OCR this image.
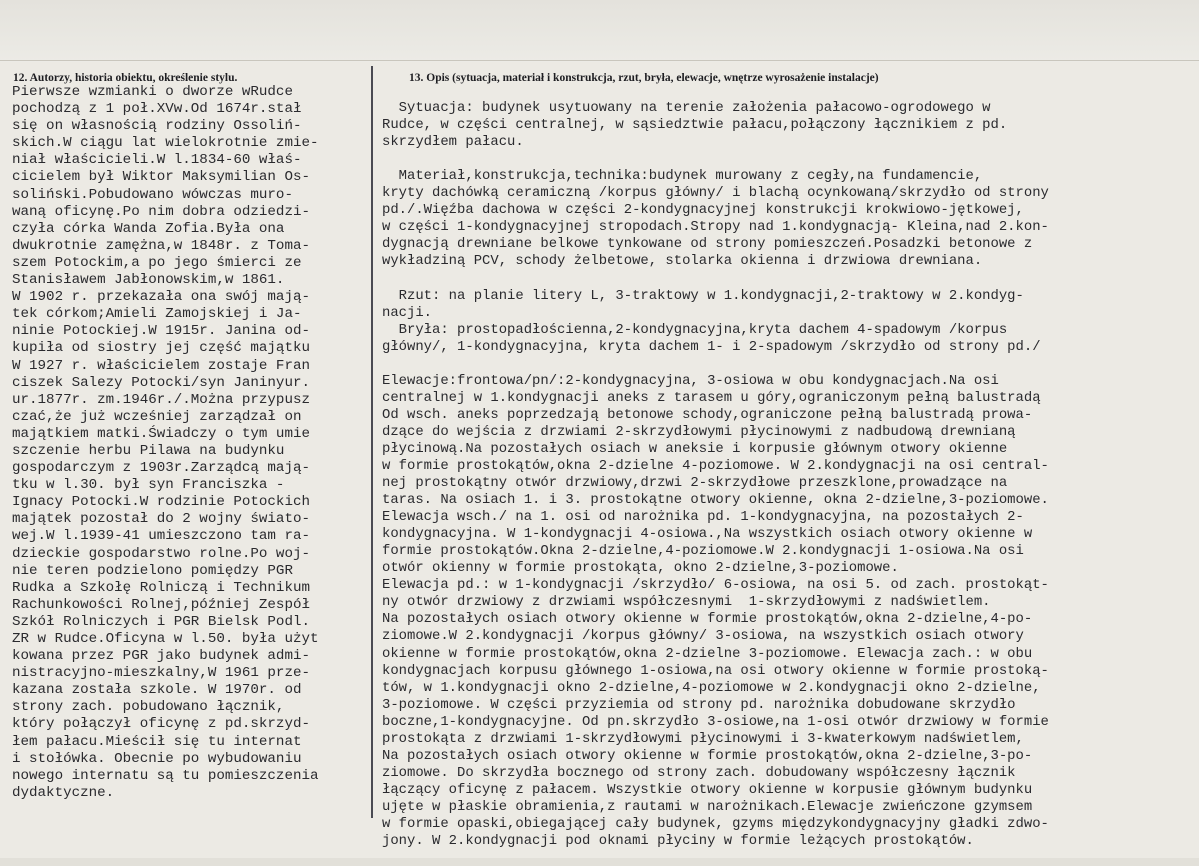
12. Autorzy, historia obiektu, określenie stylu.	13. Opis (sytuacja, materiał i konstrukcja, rzut, bryła, elewacje, wnętrze wyrosażenie instalacje)
Pierwsze wzmianki o dworze wRudce
pochodzą z 1 poł.XVw.Od 1674r.stał
się on własnością rodziny Ossoliń-
skich.W ciągu lat wielokrotnie zmie-
niał właścicieli.W l.1834-60 właś-
cicielem był Wiktor Maksymilian Os-
soliński.Pobudowano wówczas muro-
waną oficynę.Po nim dobra odziedzi-
czyła córka Wanda Zofia.Była ona
dwukrotnie zamężna,w 1848r. z Toma-
szem Potockim,a po jego śmierci ze
Stanisławem Jabłonowskim,w 1861.
W 1902 r. przekazała ona swój mają-
tek córkom;Amieli Zamojskiej i Ja-
ninie Potockiej.W 1915r. Janina od-
kupiła od siostry jej część majątku
W 1927 r. właścicielem zostaje Fran
ciszek Salezy Potocki/syn Janinyur.
ur.1877r. zm.1946r./.Można przypusz
czać,że już wcześniej zarządzał on
majątkiem matki.Świadczy o tym umie
szczenie herbu Pilawa na budynku
gospodarczym z 1903r.Zarządcą mają-
tku w l.30. był syn Franciszka -
Ignacy Potocki.W rodzinie Potockich
majątek pozostał do 2 wojny świato-
wej.W l.1939-41 umieszczono tam ra-
dzieckie gospodarstwo rolne.Po woj-
nie teren podzielono pomiędzy PGR
Rudka a Szkołę Rolniczą i Technikum
Rachunkowości Rolnej,później Zespół
Szkół Rolniczych i PGR Bielsk Podl.
ZR w Rudce.Oficyna w l.50. była użyt
kowana przez PGR jako budynek admi-
nistracyjno-mieszkalny,W 1961 prze-
kazana została szkole. W 1970r. od
strony zach. pobudowano łącznik,
który połączył oficynę z pd.skrzyd-
łem pałacu.Mieścił się tu internat
i stołówka. Obecnie po wybudowaniu
nowego internatu są tu pomieszczenia
dydaktyczne.
Sytuacja: budynek usytuowany na terenie założenia pałacowo-ogrodowego w
Rudce, w części centralnej, w sąsiedztwie pałacu,połączony łącznikiem z pd.
skrzydłem pałacu.
Materiał,konstrukcja,technika:budynek murowany z cegły,na fundamencie,
kryty dachówką ceramiczną /korpus główny/ i blachą ocynkowaną/skrzydło od strony
pd./.Więźba dachowa w części 2-kondygnacyjnej konstrukcji krokwiowo-jętkowej,
w części 1-kondygnacyjnej stropodach.Stropy nad 1.kondygnacją- Kleina,nad 2.kon-
dygnacją drewniane belkowe tynkowane od strony pomieszczeń.Posadzki betonowe z
wykładziną PCV, schody żelbetowe, stolarka okienna i drzwiowa drewniana.
Rzut: na planie litery L, 3-traktowy w 1.kondygnacji,2-traktowy w 2.kondyg-
nacji.
Bryła: prostopadłościenna,2-kondygnacyjna,kryta dachem 4-spadowym /korpus
główny/, 1-kondygnacyjna, kryta dachem 1- i 2-spadowym /skrzydło od strony pd./
Elewacje:frontowa/pn/:2-kondygnacyjna, 3-osiowa w obu kondygnacjach.Na osi
centralnej w 1.kondygnacji aneks z tarasem u góry,ograniczonym pełną balustradą
Od wsch. aneks poprzedzają betonowe schody,ograniczone pełną balustradą prowa-
dzące do wejścia z drzwiami 2-skrzydłowymi płycinowymi z nadbudową drewnianą
płycinową.Na pozostałych osiach w aneksie i korpusie głównym otwory okienne
w formie prostokątów,okna 2-dzielne 4-poziomowe. W 2.kondygnacji na osi central-
nej prostokątny otwór drzwiowy,drzwi 2-skrzydłowe przeszklone,prowadzące na
taras. Na osiach 1. i 3. prostokątne otwory okienne, okna 2-dzielne,3-poziomowe.
Elewacja wsch./ na 1. osi od narożnika pd. 1-kondygnacyjna, na pozostałych 2-
kondygnacyjna. W 1-kondygnacji 4-osiowa.,Na wszystkich osiach otwory okienne w
formie prostokątów.Okna 2-dzielne,4-poziomowe.W 2.kondygnacji 1-osiowa.Na osi
otwór okienny w formie prostokąta, okno 2-dzielne,3-poziomowe.
Elewacja pd.: w 1-kondygnacji /skrzydło/ 6-osiowa, na osi 5. od zach. prostokąt-
ny otwór drzwiowy z drzwiami współczesnymi  1-skrzydłowymi z nadświetlem.
Na pozostałych osiach otwory okienne w formie prostokątów,okna 2-dzielne,4-po-
ziomowe.W 2.kondygnacji /korpus główny/ 3-osiowa, na wszystkich osiach otwory
okienne w formie prostokątów,okna 2-dzielne 3-poziomowe. Elewacja zach.: w obu
kondygnacjach korpusu głównego 1-osiowa,na osi otwory okienne w formie prostoką-
tów, w 1.kondygnacji okno 2-dzielne,4-poziomowe w 2.kondygnacji okno 2-dzielne,
3-poziomowe. W części przyziemia od strony pd. narożnika dobudowane skrzydło
boczne,1-kondygnacyjne. Od pn.skrzydło 3-osiowe,na 1-osi otwór drzwiowy w formie
prostokąta z drzwiami 1-skrzydłowymi płycinowymi i 3-kwaterkowym nadświetlem,
Na pozostałych osiach otwory okienne w formie prostokątów,okna 2-dzielne,3-po-
ziomowe. Do skrzydła bocznego od strony zach. dobudowany współczesny łącznik
łączący oficynę z pałacem. Wszystkie otwory okienne w korpusie głównym budynku
ujęte w płaskie obramienia,z rautami w narożnikach.Elewacje zwieńczone gzymsem
w formie opaski,obiegającej cały budynek, gzyms międzykondygnacyjny gładki zdwo-
jony. W 2.kondygnacji pod oknami płyciny w formie leżących prostokątów.
